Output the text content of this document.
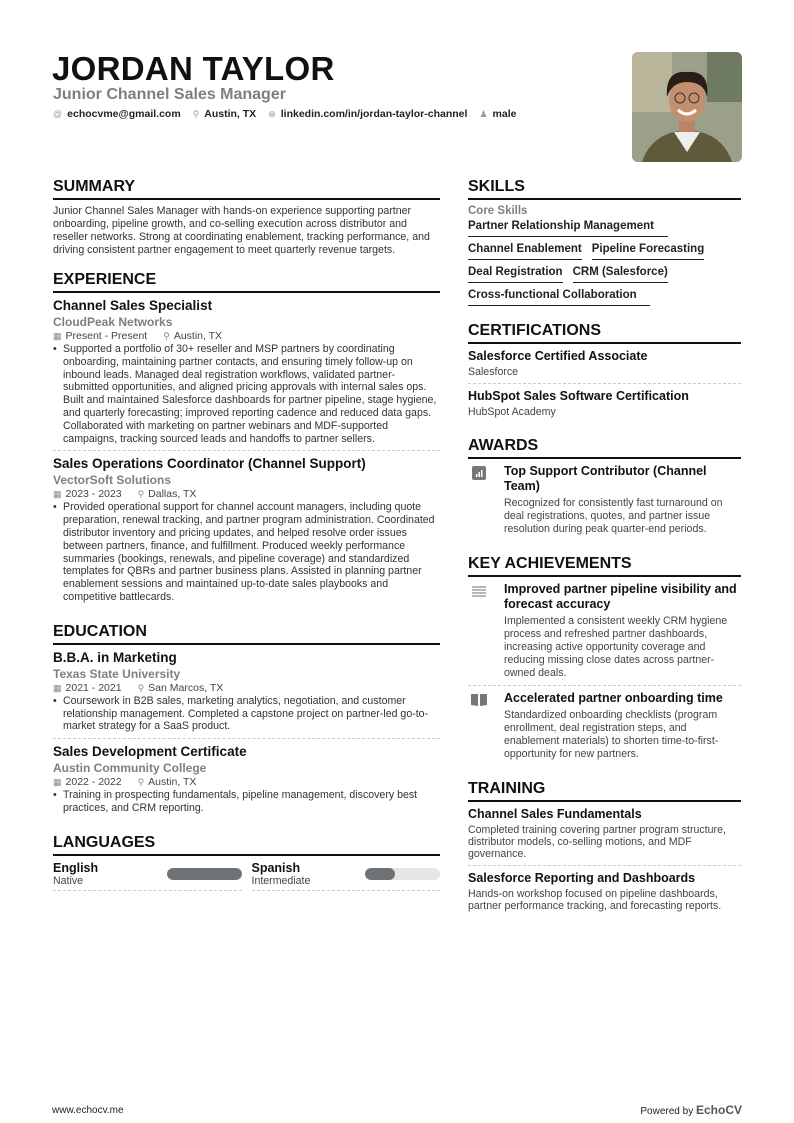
JORDAN TAYLOR
Junior Channel Sales Manager
@ echocvme@gmail.com ⚲ Austin, TX ⊕ linkedin.com/in/jordan-taylor-channel ♟ male
SUMMARY
Junior Channel Sales Manager with hands-on experience supporting partner onboarding, pipeline growth, and co-selling execution across distributor and reseller networks. Strong at coordinating enablement, tracking performance, and driving consistent partner engagement to meet quarterly revenue targets.
EXPERIENCE
Channel Sales Specialist
CloudPeak Networks
▦ Present - Present ⚲ Austin, TX
• Supported a portfolio of 30+ reseller and MSP partners by coordinating onboarding, maintaining partner contacts, and ensuring timely follow-up on inbound leads. Managed deal registration workflows, validated partner-submitted opportunities, and aligned pricing approvals with internal sales ops. Built and maintained Salesforce dashboards for partner pipeline, stage hygiene, and quarterly forecasting; improved reporting cadence and reduced data gaps. Collaborated with marketing on partner webinars and MDF-supported campaigns, tracking sourced leads and handoffs to partner sellers.
Sales Operations Coordinator (Channel Support)
VectorSoft Solutions
▦ 2023 - 2023 ⚲ Dallas, TX
• Provided operational support for channel account managers, including quote preparation, renewal tracking, and partner program administration. Coordinated distributor inventory and pricing updates, and helped resolve order issues between partners, finance, and fulfillment. Produced weekly performance summaries (bookings, renewals, and pipeline coverage) and standardized templates for QBRs and partner business plans. Assisted in planning partner enablement sessions and maintained up-to-date sales playbooks and competitive battlecards.
EDUCATION
B.B.A. in Marketing
Texas State University
▦ 2021 - 2021 ⚲ San Marcos, TX
• Coursework in B2B sales, marketing analytics, negotiation, and customer relationship management. Completed a capstone project on partner-led go-to-market strategy for a SaaS product.
Sales Development Certificate
Austin Community College
▦ 2022 - 2022 ⚲ Austin, TX
• Training in prospecting fundamentals, pipeline management, discovery best practices, and CRM reporting.
LANGUAGES
English
Native
Spanish
Intermediate
SKILLS
Core Skills
Partner Relationship Management
Channel Enablement Pipeline Forecasting
Deal Registration CRM (Salesforce)
Cross-functional Collaboration
CERTIFICATIONS
Salesforce Certified Associate
Salesforce
HubSpot Sales Software Certification
HubSpot Academy
AWARDS
Top Support Contributor (Channel Team)
Recognized for consistently fast turnaround on deal registrations, quotes, and partner issue resolution during peak quarter-end periods.
KEY ACHIEVEMENTS
Improved partner pipeline visibility and forecast accuracy
Implemented a consistent weekly CRM hygiene process and refreshed partner dashboards, increasing active opportunity coverage and reducing missing close dates across partner-owned deals.
Accelerated partner onboarding time
Standardized onboarding checklists (program enrollment, deal registration steps, and enablement materials) to shorten time-to-first-opportunity for new partners.
TRAINING
Channel Sales Fundamentals
Completed training covering partner program structure, distributor models, co-selling motions, and MDF governance.
Salesforce Reporting and Dashboards
Hands-on workshop focused on pipeline dashboards, partner performance tracking, and forecasting reports.
www.echocv.me	Powered by EchoCV
